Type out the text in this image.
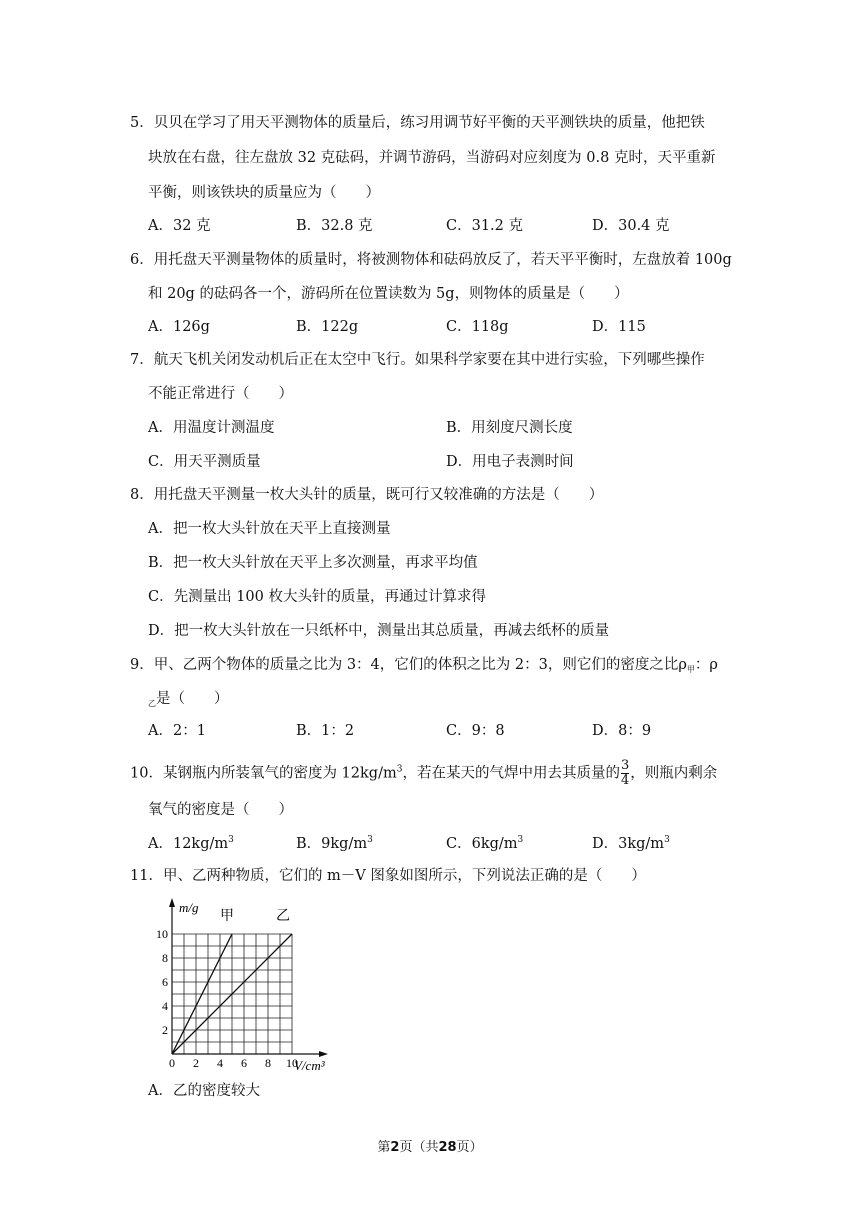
5．贝贝在学习了用天平测物体的质量后，练习用调节好平衡的天平测铁块的质量，他把铁
块放在右盘，往左盘放 32 克砝码，并调节游码，当游码对应刻度为 0.8 克时，天平重新
平衡，则该铁块的质量应为（　　）
A．32 克	B．32.8 克	C．31.2 克	D．30.4 克
6．用托盘天平测量物体的质量时，将被测物体和砝码放反了，若天平平衡时，左盘放着 100g
和 20g 的砝码各一个，游码所在位置读数为 5g，则物体的质量是（　　）
A．126g	B．122g	C．118g	D．115
7．航天飞机关闭发动机后正在太空中飞行。如果科学家要在其中进行实验，下列哪些操作
不能正常进行（　　）
A．用温度计测温度	B．用刻度尺测长度
C．用天平测质量	D．用电子表测时间
8．用托盘天平测量一枚大头针的质量，既可行又较准确的方法是（　　）
A．把一枚大头针放在天平上直接测量
B．把一枚大头针放在天平上多次测量，再求平均值
C．先测量出 100 枚大头针的质量，再通过计算求得
D．把一枚大头针放在一只纸杯中，测量出其总质量，再减去纸杯的质量
9．甲、乙两个物体的质量之比为 3：4，它们的体积之比为 2：3，则它们的密度之比$\rho_甲$：ρ
$_乙$是（　　）
A．2：1	B．1：2	C．9：8	D．8：9
10．某钢瓶内所装氧气的密度为 $12kg/m^3$，若在某天的气焊中用去其质量的 $\frac{3}{4}$ ，则瓶内剩余
氧气的密度是（　　）
A．$12kg/m^3$	B．$9kg/m^3$	C．$6kg/m^3$	D．$3kg/m^3$
11．甲、乙两种物质，它们的 m－V 图象如图所示，下列说法正确的是（　　）
0 2 4 6 8 10
2
4
6
8
10
m/g
V/cm³
甲	乙
A．乙的密度较大
第2页（共28页）
